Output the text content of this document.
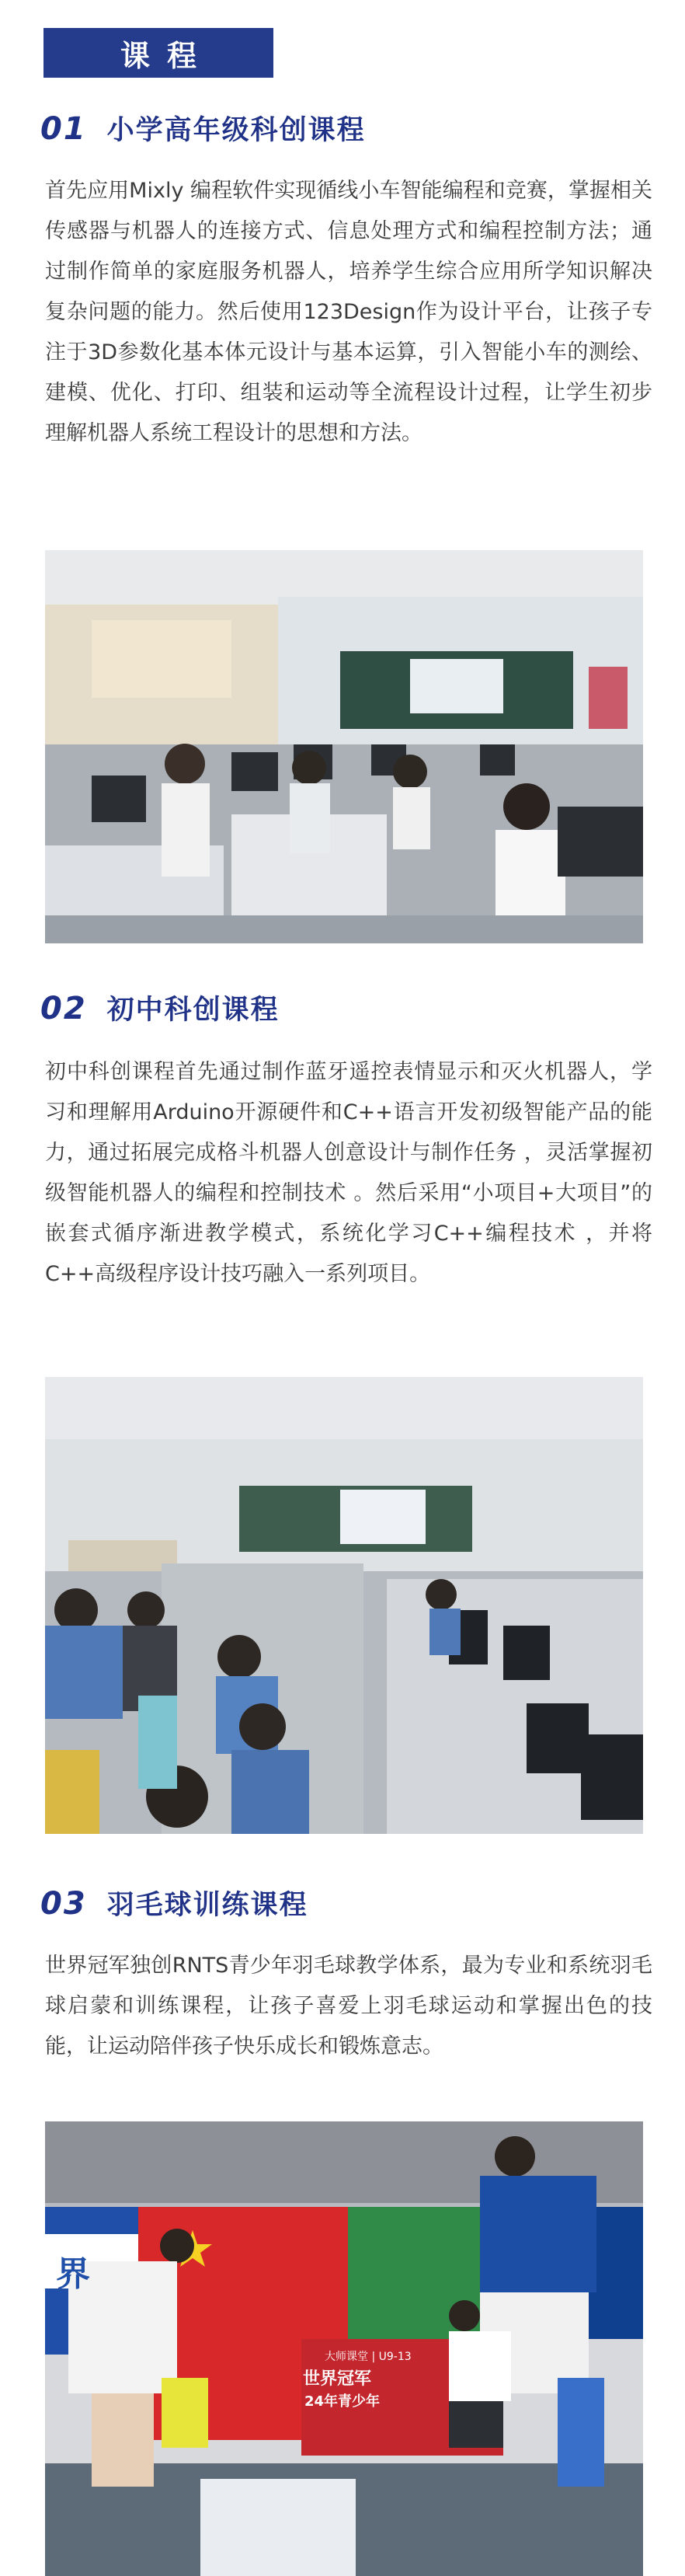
课程
01 小学高年级科创课程

首先应用Mixly 编程软件实现循线小车智能编程和竞赛，掌握相关传感器与机器人的连接方式、信息处理方式和编程控制方法；通过制作简单的家庭服务机器人，培养学生综合应用所学知识解决复杂问题的能力。然后使用123Design作为设计平台，让孩子专注于3D参数化基本体元设计与基本运算，引入智能小车的测绘、建模、优化、打印、组装和运动等全流程设计过程，让学生初步理解机器人系统工程设计的思想和方法。

02 初中科创课程

初中科创课程首先通过制作蓝牙遥控表情显示和灭火机器人，学习和理解用Arduino开源硬件和C++语言开发初级智能产品的能力，通过拓展完成格斗机器人创意设计与制作任务 ，灵活掌握初级智能机器人的编程和控制技术 。然后采用“小项目+大项目”的嵌套式循序渐进教学模式，系统化学习C++编程技术 ，并将C++高级程序设计技巧融入一系列项目。

03 羽毛球训练课程

世界冠军独创RNTS青少年羽毛球教学体系，最为专业和系统羽毛球启蒙和训练课程，让孩子喜爱上羽毛球运动和掌握出色的技能，让运动陪伴孩子快乐成长和锻炼意志。

大师课堂 | U9-13
世界冠军
24年青少年
界
